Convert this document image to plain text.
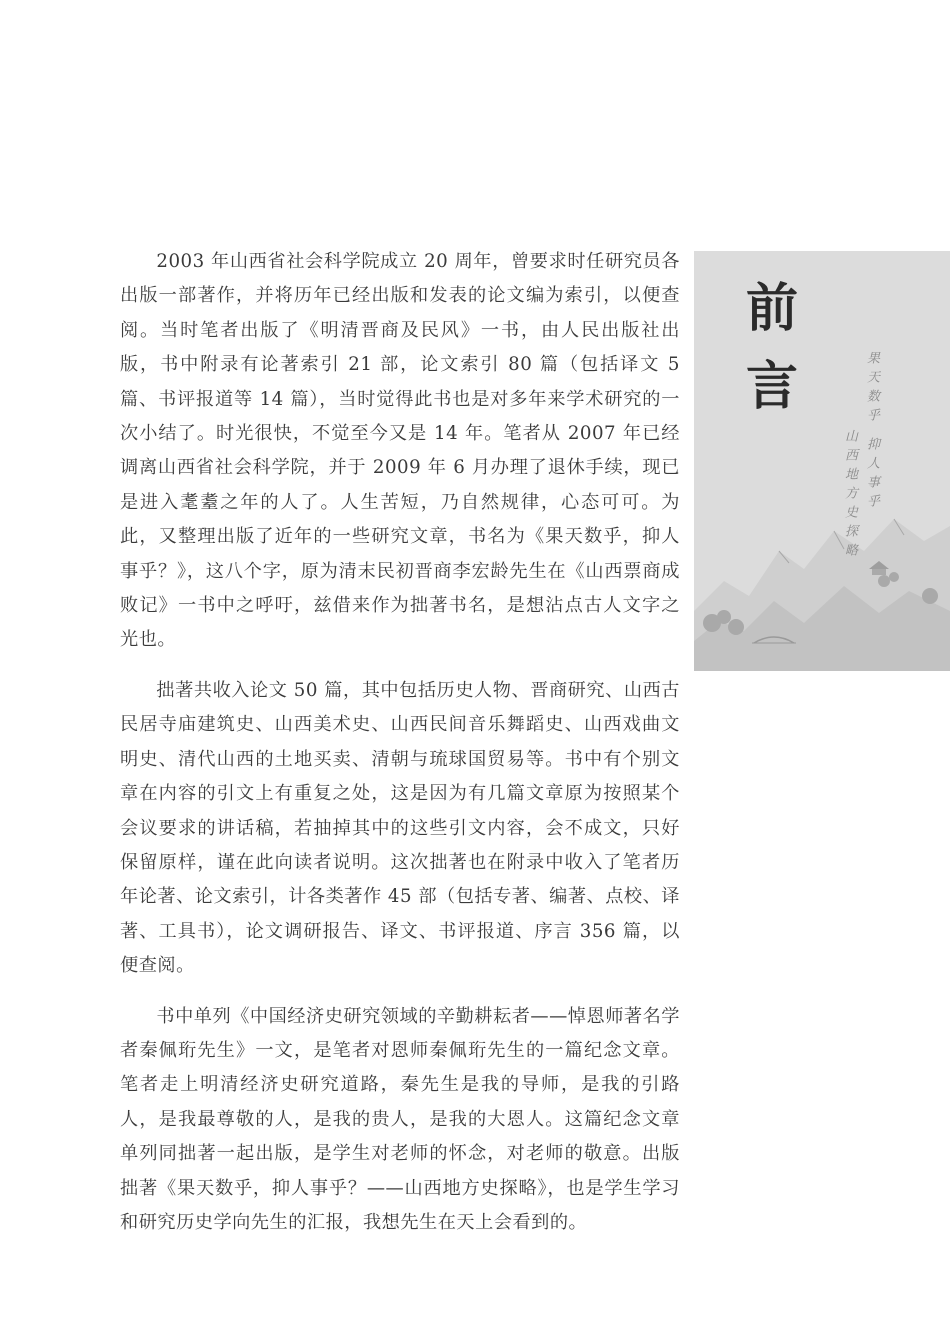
2003 年山西省社会科学院成立 20 周年，曾要求时任研究员各出版一部著作，并将历年已经出版和发表的论文编为索引，以便查阅。当时笔者出版了《明清晋商及民风》一书，由人民出版社出版，书中附录有论著索引 21 部，论文索引 80 篇（包括译文 5 篇、书评报道等 14 篇），当时觉得此书也是对多年来学术研究的一次小结了。时光很快，不觉至今又是 14 年。笔者从 2007 年已经调离山西省社会科学院，并于 2009 年 6 月办理了退休手续，现已是进入耄耋之年的人了。人生苦短，乃自然规律，心态可可。为此，又整理出版了近年的一些研究文章，书名为《果天数乎，抑人事乎？》，这八个字，原为清末民初晋商李宏龄先生在《山西票商成败记》一书中之呼吁，兹借来作为拙著书名，是想沾点古人文字之光也。

拙著共收入论文 50 篇，其中包括历史人物、晋商研究、山西古民居寺庙建筑史、山西美术史、山西民间音乐舞蹈史、山西戏曲文明史、清代山西的土地买卖、清朝与琉球国贸易等。书中有个别文章在内容的引文上有重复之处，这是因为有几篇文章原为按照某个会议要求的讲话稿，若抽掉其中的这些引文内容，会不成文，只好保留原样，谨在此向读者说明。这次拙著也在附录中收入了笔者历年论著、论文索引，计各类著作 45 部（包括专著、编著、点校、译著、工具书），论文调研报告、译文、书评报道、序言 356 篇，以便查阅。

书中单列《中国经济史研究领域的辛勤耕耘者——悼恩师著名学者秦佩珩先生》一文，是笔者对恩师秦佩珩先生的一篇纪念文章。笔者走上明清经济史研究道路，秦先生是我的导师，是我的引路人，是我最尊敬的人，是我的贵人，是我的大恩人。这篇纪念文章单列同拙著一起出版，是学生对老师的怀念，对老师的敬意。出版拙著《果天数乎，抑人事乎？——山西地方史探略》，也是学生学习和研究历史学向先生的汇报，我想先生在天上会看到的。

前
言	果天数乎 抑人事乎
山西地方史探略
